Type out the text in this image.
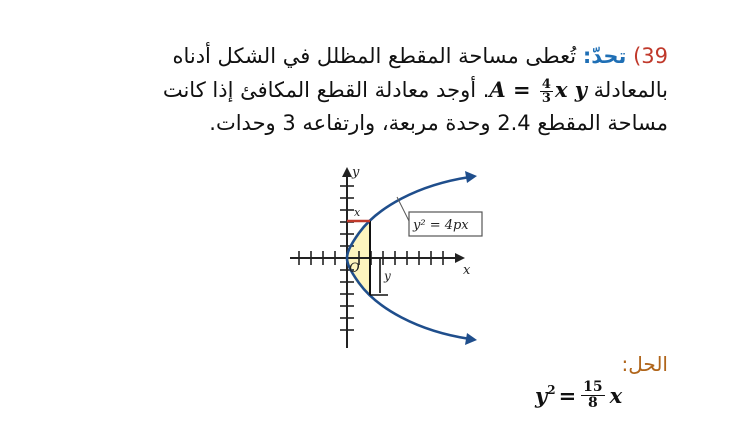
39) تحدّ: تُعطى مساحة المقطع المظلل في الشكل أدناه
بالمعادلة $A = \frac{4}{3}$ x y. أوجد معادلة القطع المكافئ إذا كانت
مساحة المقطع 2.4 وحدة مربعة، وارتفاعه 3 وحدات.
y² = 4px
x
y
O
x
y
الحل:
$y^2 = \frac{15}{8}$ x
